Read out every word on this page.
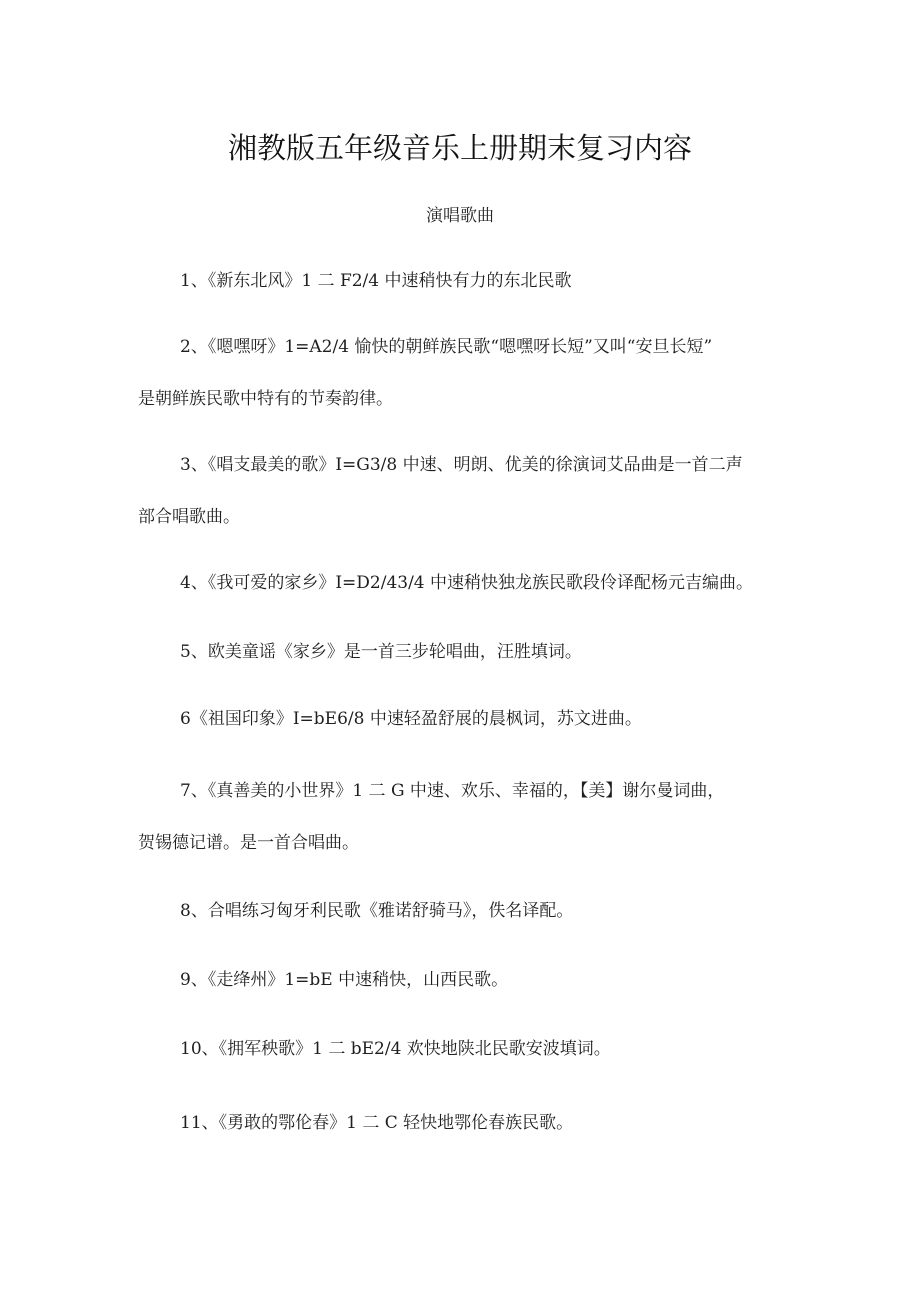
湘教版五年级音乐上册期末复习内容
演唱歌曲
1、《新东北风》1 二 F2/4 中速稍快有力的东北民歌
2、《嗯嘿呀》1=A2/4 愉快的朝鲜族民歌“嗯嘿呀长短”又叫“安旦长短”
是朝鲜族民歌中特有的节奏韵律。
3、《唱支最美的歌》I=G3/8 中速、明朗、优美的徐演词艾品曲是一首二声
部合唱歌曲。
4、《我可爱的家乡》I=D2/43/4 中速稍快独龙族民歌段伶译配杨元吉编曲。
5、欧美童谣《家乡》是一首三步轮唱曲，汪胜填词。
6《祖国印象》I=bE6/8 中速轻盈舒展的晨枫词，苏文进曲。
7、《真善美的小世界》1 二 G 中速、欢乐、幸福的，【美】谢尔曼词曲，
贺锡德记谱。是一首合唱曲。
8、合唱练习匈牙利民歌《雅诺舒骑马》，佚名译配。
9、《走绛州》1=bE 中速稍快，山西民歌。
10、《拥军秧歌》1 二 bE2/4 欢快地陕北民歌安波填词。
11、《勇敢的鄂伦春》1 二 C 轻快地鄂伦春族民歌。
